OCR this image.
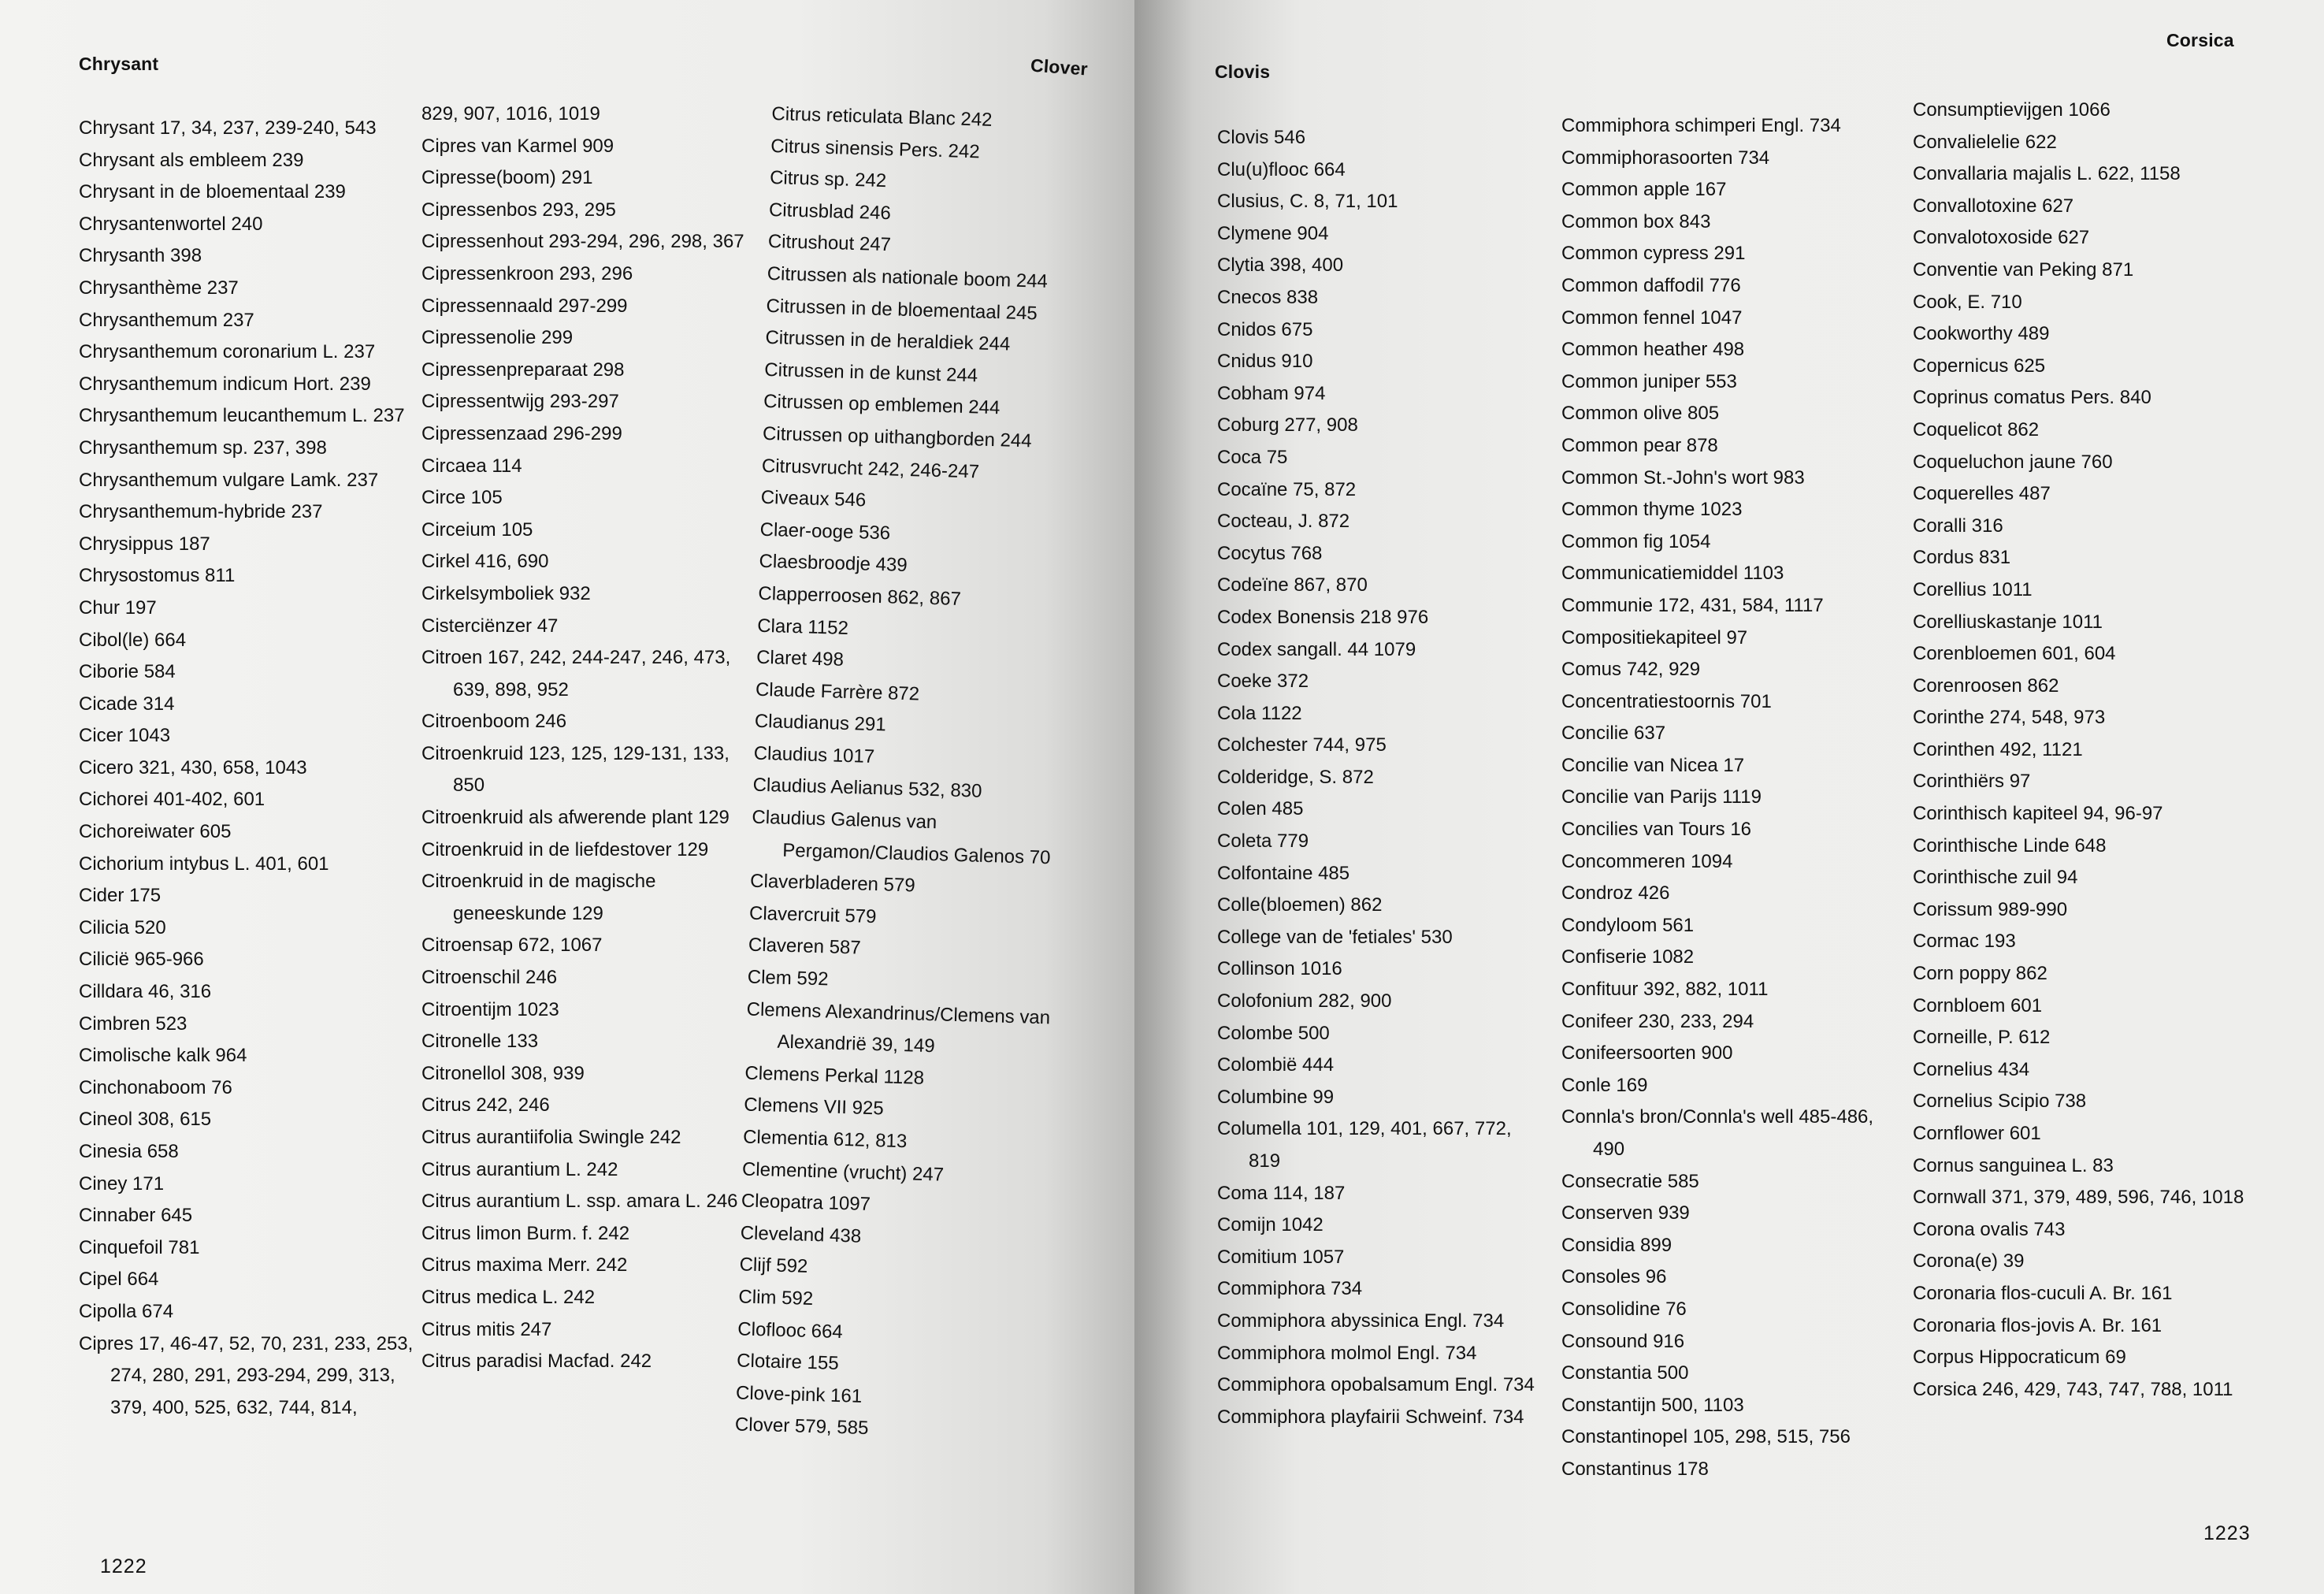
Chrysant	Clover
Chrysant 17, 34, 237, 239-240, 543
Chrysant als embleem 239
Chrysant in de bloementaal 239
Chrysantenwortel 240
Chrysanth 398
Chrysanthème 237
Chrysanthemum 237
Chrysanthemum coronarium L. 237
Chrysanthemum indicum Hort. 239
Chrysanthemum leucanthemum L. 237
Chrysanthemum sp. 237, 398
Chrysanthemum vulgare Lamk. 237
Chrysanthemum-hybride 237
Chrysippus 187
Chrysostomus 811
Chur 197
Cibol(le) 664
Ciborie 584
Cicade 314
Cicer 1043
Cicero 321, 430, 658, 1043
Cichorei 401-402, 601
Cichoreiwater 605
Cichorium intybus L. 401, 601
Cider 175
Cilicia 520
Cilicië 965-966
Cilldara 46, 316
Cimbren 523
Cimolische kalk 964
Cinchonaboom 76
Cineol 308, 615
Cinesia 658
Ciney 171
Cinnaber 645
Cinquefoil 781
Cipel 664
Cipolla 674
Cipres 17, 46-47, 52, 70, 231, 233, 253, 274, 280, 291, 293-294, 299, 313, 379, 400, 525, 632, 744, 814,
829, 907, 1016, 1019
Cipres van Karmel 909
Cipresse(boom) 291
Cipressenbos 293, 295
Cipressenhout 293-294, 296, 298, 367
Cipressenkroon 293, 296
Cipressennaald 297-299
Cipressenolie 299
Cipressenpreparaat 298
Cipressentwijg 293-297
Cipressenzaad 296-299
Circaea 114
Circe 105
Circeium 105
Cirkel 416, 690
Cirkelsymboliek 932
Cisterciënzer 47
Citroen 167, 242, 244-247, 246, 473, 639, 898, 952
Citroenboom 246
Citroenkruid 123, 125, 129-131, 133, 850
Citroenkruid als afwerende plant 129
Citroenkruid in de liefdestover 129
Citroenkruid in de magische geneeskunde 129
Citroensap 672, 1067
Citroenschil 246
Citroentijm 1023
Citronelle 133
Citronellol 308, 939
Citrus 242, 246
Citrus aurantiifolia Swingle 242
Citrus aurantium L. 242
Citrus aurantium L. ssp. amara L. 246
Citrus limon Burm. f. 242
Citrus maxima Merr. 242
Citrus medica L. 242
Citrus mitis 247
Citrus paradisi Macfad. 242
Citrus reticulata Blanc 242
Citrus sinensis Pers. 242
Citrus sp. 242
Citrusblad 246
Citrushout 247
Citrussen als nationale boom 244
Citrussen in de bloementaal 245
Citrussen in de heraldiek 244
Citrussen in de kunst 244
Citrussen op emblemen 244
Citrussen op uithangborden 244
Citrusvrucht 242, 246-247
Civeaux 546
Claer-ooge 536
Claesbroodje 439
Clapperroosen 862, 867
Clara 1152
Claret 498
Claude Farrère 872
Claudianus 291
Claudius 1017
Claudius Aelianus 532, 830
Claudius Galenus van Pergamon/Claudios Galenos 70
Claverbladeren 579
Clavercruit 579
Claveren 587
Clem 592
Clemens Alexandrinus/Clemens van Alexandrië 39, 149
Clemens Perkal 1128
Clemens VII 925
Clementia 612, 813
Clementine (vrucht) 247
Cleopatra 1097
Cleveland 438
Clijf 592
Clim 592
Cloflooc 664
Clotaire 155
Clove-pink 161
Clover 579, 585
1222
Clovis
Corsica
Clovis 546
Clu(u)flooc 664
Clusius, C. 8, 71, 101
Clymene 904
Clytia 398, 400
Cnecos 838
Cnidos 675
Cnidus 910
Cobham 974
Coburg 277, 908
Coca 75
Cocaïne 75, 872
Cocteau, J. 872
Cocytus 768
Codeïne 867, 870
Codex Bonensis 218 976
Codex sangall. 44 1079
Coeke 372
Cola 1122
Colchester 744, 975
Colderidge, S. 872
Colen 485
Coleta 779
Colfontaine 485
Colle(bloemen) 862
College van de 'fetiales' 530
Collinson 1016
Colofonium 282, 900
Colombe 500
Colombië 444
Columbine 99
Columella 101, 129, 401, 667, 772, 819
Coma 114, 187
Comijn 1042
Comitium 1057
Commiphora 734
Commiphora abyssinica Engl. 734
Commiphora molmol Engl. 734
Commiphora opobalsamum Engl. 734
Commiphora playfairii Schweinf. 734
Commiphora schimperi Engl. 734
Commiphorasoorten 734
Common apple 167
Common box 843
Common cypress 291
Common daffodil 776
Common fennel 1047
Common heather 498
Common juniper 553
Common olive 805
Common pear 878
Common St.-John's wort 983
Common thyme 1023
Common fig 1054
Communicatiemiddel 1103
Communie 172, 431, 584, 1117
Compositiekapiteel 97
Comus 742, 929
Concentratiestoornis 701
Concilie 637
Concilie van Nicea 17
Concilie van Parijs 1119
Concilies van Tours 16
Concommeren 1094
Condroz 426
Condyloom 561
Confiserie 1082
Confituur 392, 882, 1011
Conifeer 230, 233, 294
Conifeersoorten 900
Conle 169
Connla's bron/Connla's well 485-486, 490
Consecratie 585
Conserven 939
Considia 899
Consoles 96
Consolidine 76
Consound 916
Constantia 500
Constantijn 500, 1103
Constantinopel 105, 298, 515, 756
Constantinus 178
Consumptievijgen 1066
Convalielelie 622
Convallaria majalis L. 622, 1158
Convallotoxine 627
Convalotoxoside 627
Conventie van Peking 871
Cook, E. 710
Cookworthy 489
Copernicus 625
Coprinus comatus Pers. 840
Coquelicot 862
Coqueluchon jaune 760
Coquerelles 487
Coralli 316
Cordus 831
Corellius 1011
Corelliuskastanje 1011
Corenbloemen 601, 604
Corenroosen 862
Corinthe 274, 548, 973
Corinthen 492, 1121
Corinthiërs 97
Corinthisch kapiteel 94, 96-97
Corinthische Linde 648
Corinthische zuil 94
Corissum 989-990
Cormac 193
Corn poppy 862
Cornbloem 601
Corneille, P. 612
Cornelius 434
Cornelius Scipio 738
Cornflower 601
Cornus sanguinea L. 83
Cornwall 371, 379, 489, 596, 746, 1018
Corona ovalis 743
Corona(e) 39
Coronaria flos-cuculi A. Br. 161
Coronaria flos-jovis A. Br. 161
Corpus Hippocraticum 69
Corsica 246, 429, 743, 747, 788, 1011
1223
